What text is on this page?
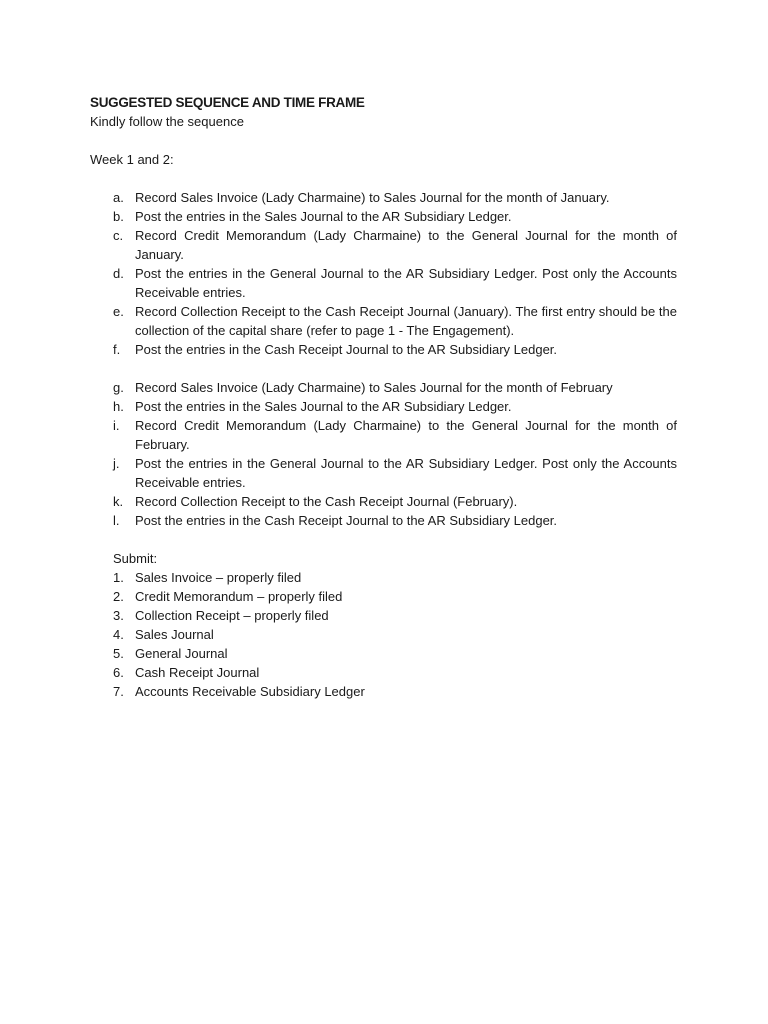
SUGGESTED SEQUENCE AND TIME FRAME

Kindly follow the sequence

Week 1 and 2:

a. Record Sales Invoice (Lady Charmaine) to Sales Journal for the month of January.
b. Post the entries in the Sales Journal to the AR Subsidiary Ledger.
c. Record Credit Memorandum (Lady Charmaine) to the General Journal for the month of January.
d. Post the entries in the General Journal to the AR Subsidiary Ledger. Post only the Accounts Receivable entries.
e. Record Collection Receipt to the Cash Receipt Journal (January). The first entry should be the collection of the capital share (refer to page 1 - The Engagement).
f. Post the entries in the Cash Receipt Journal to the AR Subsidiary Ledger.
g. Record Sales Invoice (Lady Charmaine) to Sales Journal for the month of February
h. Post the entries in the Sales Journal to the AR Subsidiary Ledger.
i. Record Credit Memorandum (Lady Charmaine) to the General Journal for the month of February.
j. Post the entries in the General Journal to the AR Subsidiary Ledger. Post only the Accounts Receivable entries.
k. Record Collection Receipt to the Cash Receipt Journal (February).
l. Post the entries in the Cash Receipt Journal to the AR Subsidiary Ledger.

Submit:

1. Sales Invoice – properly filed
2. Credit Memorandum – properly filed
3. Collection Receipt – properly filed
4. Sales Journal
5. General Journal
6. Cash Receipt Journal
7. Accounts Receivable Subsidiary Ledger
